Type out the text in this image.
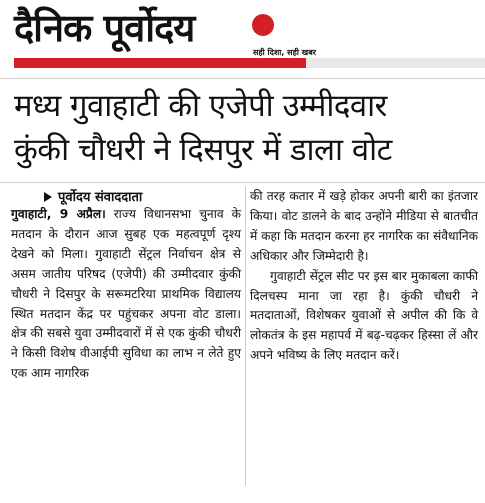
दैनिक पूर्वोदय
सही दिशा, सही खबर
मध्य गुवाहाटी की एजेपी उम्मीदवार
कुंकी चौधरी ने दिसपुर में डाला वोट
पूर्वोदय संवाददाता

गुवाहाटी, 9 अप्रैल। राज्य विधानसभा चुनाव के मतदान के दौरान आज सुबह एक महत्वपूर्ण दृश्य देखने को मिला। गुवाहाटी सेंट्रल निर्वाचन क्षेत्र से असम जातीय परिषद (एजेपी) की उम्मीदवार कुंकी चौधरी ने दिसपुर के सरूमटरिया प्राथमिक विद्यालय स्थित मतदान केंद्र पर पहुंचकर अपना वोट डाला। क्षेत्र की सबसे युवा उम्मीदवारों में से एक कुंकी चौधरी ने किसी विशेष वीआईपी सुविधा का लाभ न लेते हुए एक आम नागरिक

की तरह कतार में खड़े होकर अपनी बारी का इंतजार किया। वोट डालने के बाद उन्होंने मीडिया से बातचीत में कहा कि मतदान करना हर नागरिक का संवैधानिक अधिकार और जिम्मेदारी है।

गुवाहाटी सेंट्रल सीट पर इस बार मुकाबला काफी दिलचस्प माना जा रहा है। कुंकी चौधरी ने मतदाताओं, विशेषकर युवाओं से अपील की कि वे लोकतंत्र के इस महापर्व में बढ़-चढ़कर हिस्सा लें और अपने भविष्य के लिए मतदान करें।
